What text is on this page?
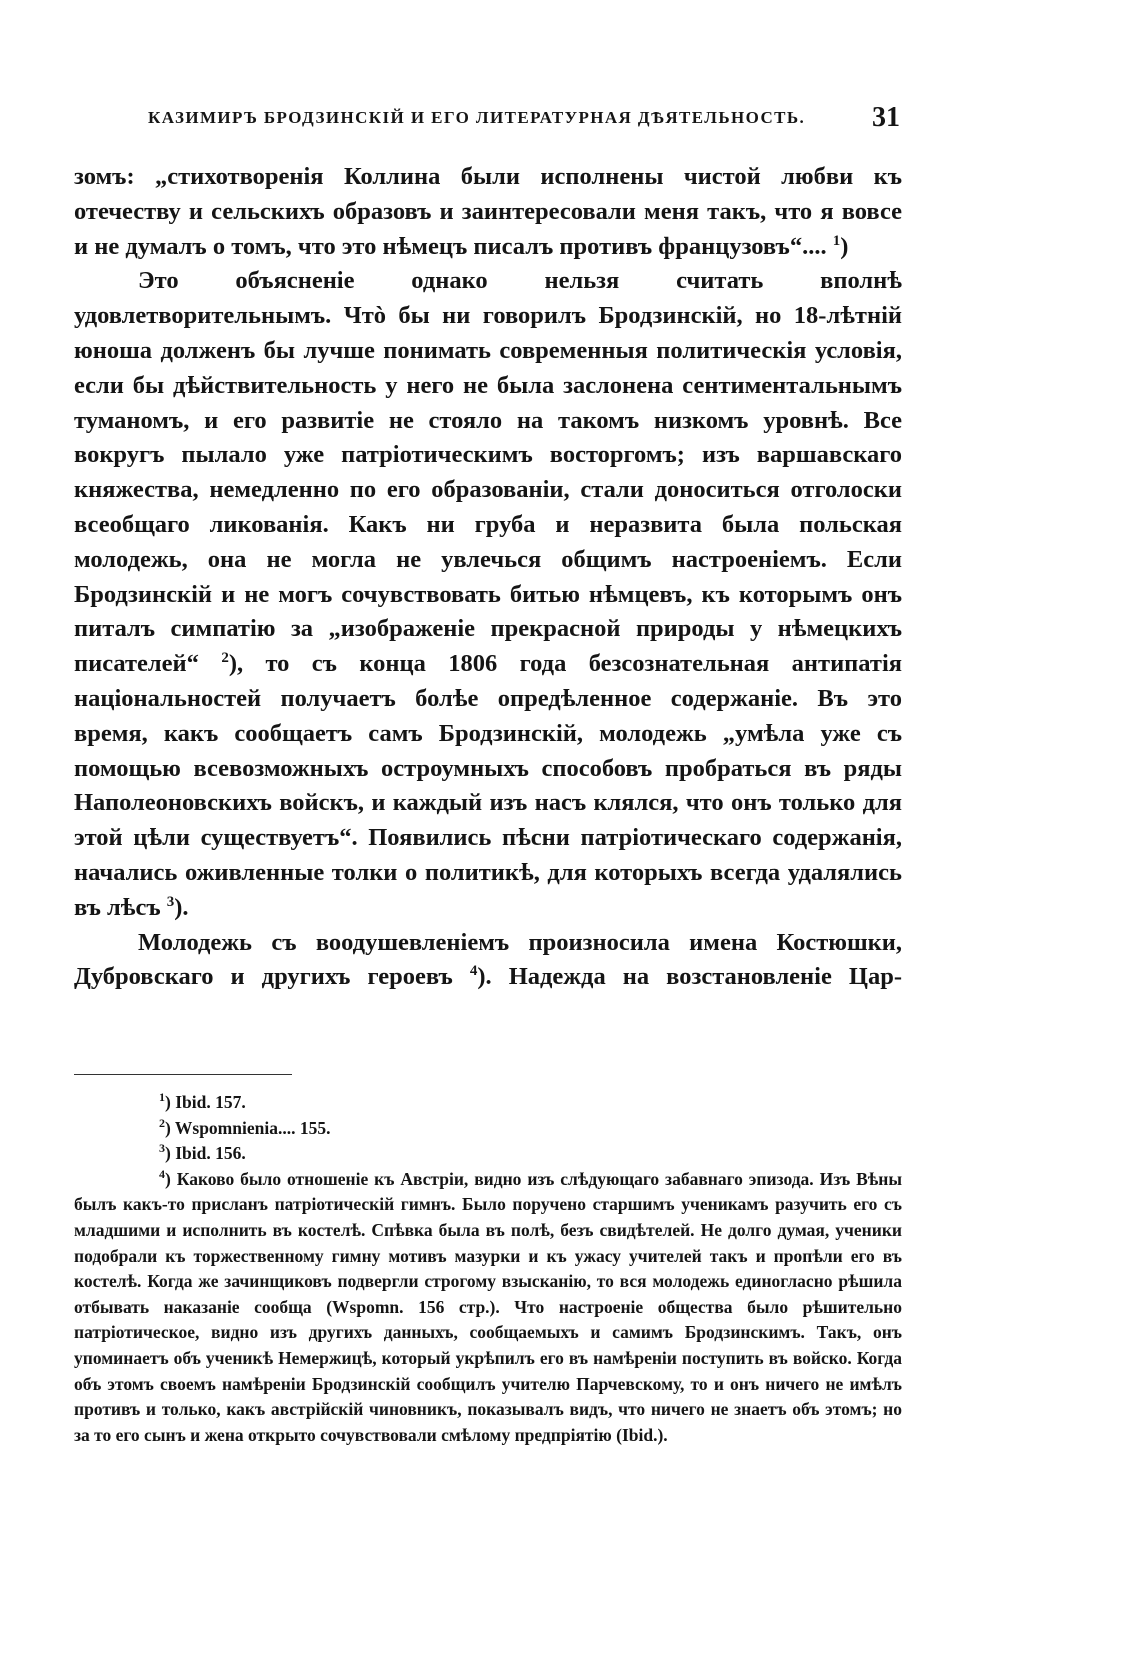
КАЗИМИРЪ БРОДЗИНСКІЙ И ЕГО ЛИТЕРАТУРНАЯ ДѢЯТЕЛЬНОСТЬ. 31

зомъ: „стихотворенія Коллина были исполнены чистой любви къ отечеству и сельскихъ образовъ и заинтересовали меня такъ, что я вовсе и не думалъ о томъ, что это нѣмецъ писалъ противъ французовъ“.... $^1$)

Это объясненіе однако нельзя считать вполнѣ удовлетворительнымъ. Чтò бы ни говорилъ Бродзинскій, но 18-лѣтній юноша долженъ бы лучше понимать современныя политическія условія, если бы дѣйствительность у него не была заслонена сентиментальнымъ туманомъ, и его развитіе не стояло на такомъ низкомъ уровнѣ. Все вокругъ пылало уже патріотическимъ восторгомъ; изъ варшавскаго княжества, немедленно по его образованіи, стали доноситься отголоски всеобщаго ликованія. Какъ ни груба и неразвита была польская молодежь, она не могла не увлечься общимъ настроеніемъ. Если Бродзинскій и не могъ сочувствовать битью нѣмцевъ, къ которымъ онъ питалъ симпатію за „изображеніе прекрасной природы у нѣмецкихъ писателей“ $^2$), то съ конца 1806 года безсознательная антипатія національностей получаетъ болѣе опредѣленное содержаніе. Въ это время, какъ сообщаетъ самъ Бродзинскій, молодежь „умѣла уже съ помощью всевозможныхъ остроумныхъ способовъ пробраться въ ряды Наполеоновскихъ войскъ, и каждый изъ насъ клялся, что онъ только для этой цѣли существуетъ“. Появились пѣсни патріотическаго содержанія, начались оживленные толки о политикѣ, для которыхъ всегда удалялись въ лѣсъ $^3$).

Молодежь съ воодушевленіемъ произносила имена Костюшки, Дубровскаго и другихъ героевъ $^4$). Надежда на возстановленіе Цар-

$^1$) Ibid. 157.

$^2$) Wspomnienia.... 155.

$^3$) Ibid. 156.

$^4$) Каково было отношеніе къ Австріи, видно изъ слѣдующаго забавнаго эпизода. Изъ Вѣны былъ какъ-то присланъ патріотическій гимнъ. Было поручено старшимъ ученикамъ разучить его съ младшими и исполнить въ костелѣ. Спѣвка была въ полѣ, безъ свидѣтелей. Не долго думая, ученики подобрали къ торжественному гимну мотивъ мазурки и къ ужасу учителей такъ и пропѣли его въ костелѣ. Когда же зачинщиковъ подвергли строгому взысканію, то вся молодежь единогласно рѣшила отбывать наказаніе сообща (Wspomn. 156 стр.). Что настроеніе общества было рѣшительно патріотическое, видно изъ другихъ данныхъ, сообщаемыхъ и самимъ Бродзинскимъ. Такъ, онъ упоминаетъ объ ученикѣ Немержицѣ, который укрѣпилъ его въ намѣреніи поступить въ войско. Когда объ этомъ своемъ намѣреніи Бродзинскій сообщилъ учителю Парчевскому, то и онъ ничего не имѣлъ противъ и только, какъ австрійскій чиновникъ, показывалъ видъ, что ничего не знаетъ объ этомъ; но за то его сынъ и жена открыто сочувствовали смѣлому предпріятію (Ibid.).
